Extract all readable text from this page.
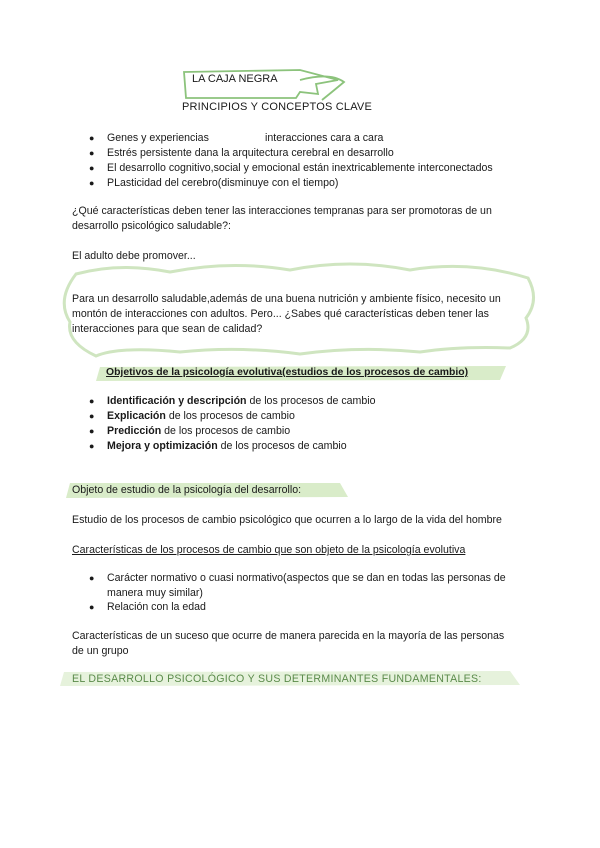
LA CAJA NEGRA
PRINCIPIOS Y CONCEPTOS CLAVE
● Genes y experiencias	interacciones cara a cara
● Estrés persistente dana la arquitectura cerebral en desarrollo
● El desarrollo cognitivo,social y emocional están inextricablemente interconectados
● PLasticidad del cerebro(disminuye con el tiempo)
¿Qué características deben tener las interacciones tempranas para ser promotoras de un
desarrollo psicológico saludable?:
El adulto debe promover...
Para un desarrollo saludable,además de una buena nutrición y ambiente físico, necesito un
montón de interacciones con adultos. Pero... ¿Sabes qué características deben tener las
interacciones para que sean de calidad?
Objetivos de la psicología evolutiva(estudios de los procesos de cambio)
● Identificación y descripción de los procesos de cambio
● Explicación de los procesos de cambio
● Predicción de los procesos de cambio
● Mejora y optimización de los procesos de cambio
Objeto de estudio de la psicología del desarrollo:
Estudio de los procesos de cambio psicológico que ocurren a lo largo de la vida del hombre
Características de los procesos de cambio que son objeto de la psicología evolutiva
● Carácter normativo o cuasi normativo(aspectos que se dan en todas las personas de
manera muy similar)
● Relación con la edad
Características de un suceso que ocurre de manera parecida en la mayoría de las personas
de un grupo
EL DESARROLLO PSICOLÓGICO Y SUS DETERMINANTES FUNDAMENTALES:
